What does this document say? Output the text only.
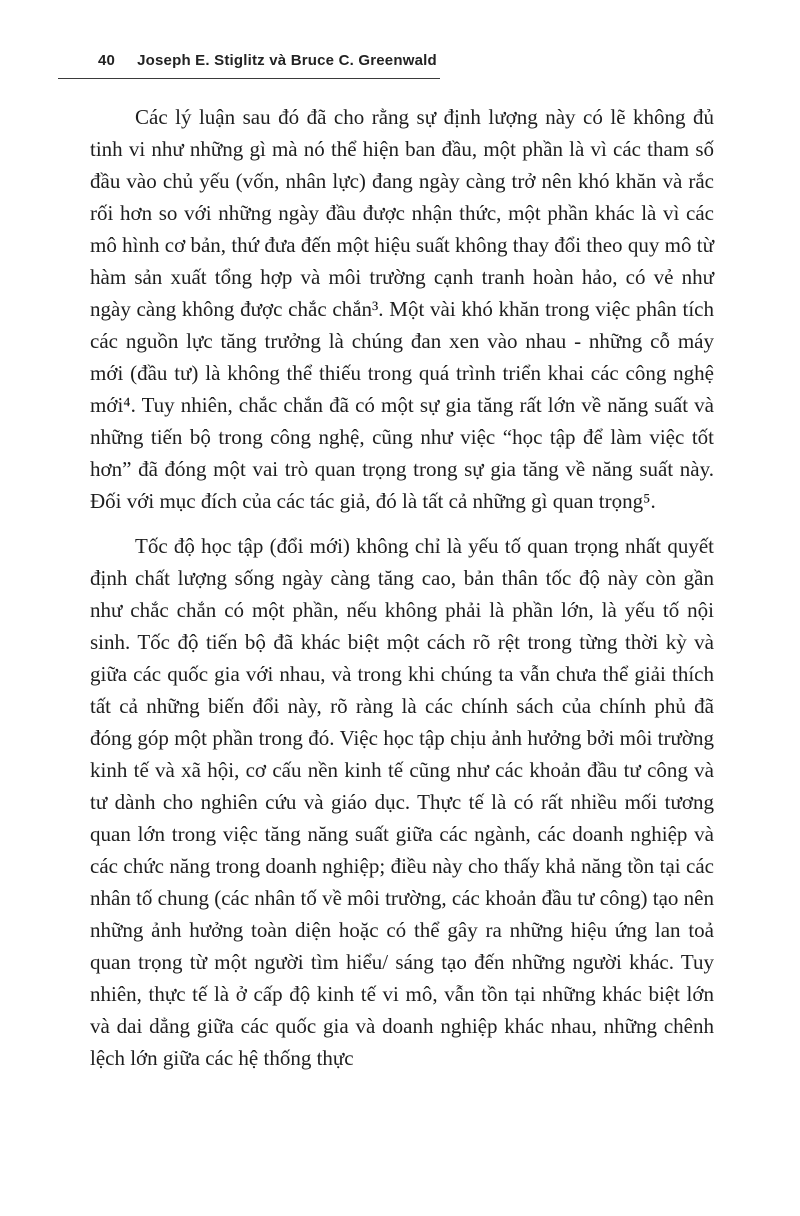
40 Joseph E. Stiglitz và Bruce C. Greenwald

Các lý luận sau đó đã cho rằng sự định lượng này có lẽ không đủ tinh vi như những gì mà nó thể hiện ban đầu, một phần là vì các tham số đầu vào chủ yếu (vốn, nhân lực) đang ngày càng trở nên khó khăn và rắc rối hơn so với những ngày đầu được nhận thức, một phần khác là vì các mô hình cơ bản, thứ đưa đến một hiệu suất không thay đổi theo quy mô từ hàm sản xuất tổng hợp và môi trường cạnh tranh hoàn hảo, có vẻ như ngày càng không được chắc chắn³. Một vài khó khăn trong việc phân tích các nguồn lực tăng trưởng là chúng đan xen vào nhau - những cỗ máy mới (đầu tư) là không thể thiếu trong quá trình triển khai các công nghệ mới⁴. Tuy nhiên, chắc chắn đã có một sự gia tăng rất lớn về năng suất và những tiến bộ trong công nghệ, cũng như việc “học tập để làm việc tốt hơn” đã đóng một vai trò quan trọng trong sự gia tăng về năng suất này. Đối với mục đích của các tác giả, đó là tất cả những gì quan trọng⁵.

Tốc độ học tập (đổi mới) không chỉ là yếu tố quan trọng nhất quyết định chất lượng sống ngày càng tăng cao, bản thân tốc độ này còn gần như chắc chắn có một phần, nếu không phải là phần lớn, là yếu tố nội sinh. Tốc độ tiến bộ đã khác biệt một cách rõ rệt trong từng thời kỳ và giữa các quốc gia với nhau, và trong khi chúng ta vẫn chưa thể giải thích tất cả những biến đổi này, rõ ràng là các chính sách của chính phủ đã đóng góp một phần trong đó. Việc học tập chịu ảnh hưởng bởi môi trường kinh tế và xã hội, cơ cấu nền kinh tế cũng như các khoản đầu tư công và tư dành cho nghiên cứu và giáo dục. Thực tế là có rất nhiều mối tương quan lớn trong việc tăng năng suất giữa các ngành, các doanh nghiệp và các chức năng trong doanh nghiệp; điều này cho thấy khả năng tồn tại các nhân tố chung (các nhân tố về môi trường, các khoản đầu tư công) tạo nên những ảnh hưởng toàn diện hoặc có thể gây ra những hiệu ứng lan toả quan trọng từ một người tìm hiểu/ sáng tạo đến những người khác. Tuy nhiên, thực tế là ở cấp độ kinh tế vi mô, vẫn tồn tại những khác biệt lớn và dai dẳng giữa các quốc gia và doanh nghiệp khác nhau, những chênh lệch lớn giữa các hệ thống thực
